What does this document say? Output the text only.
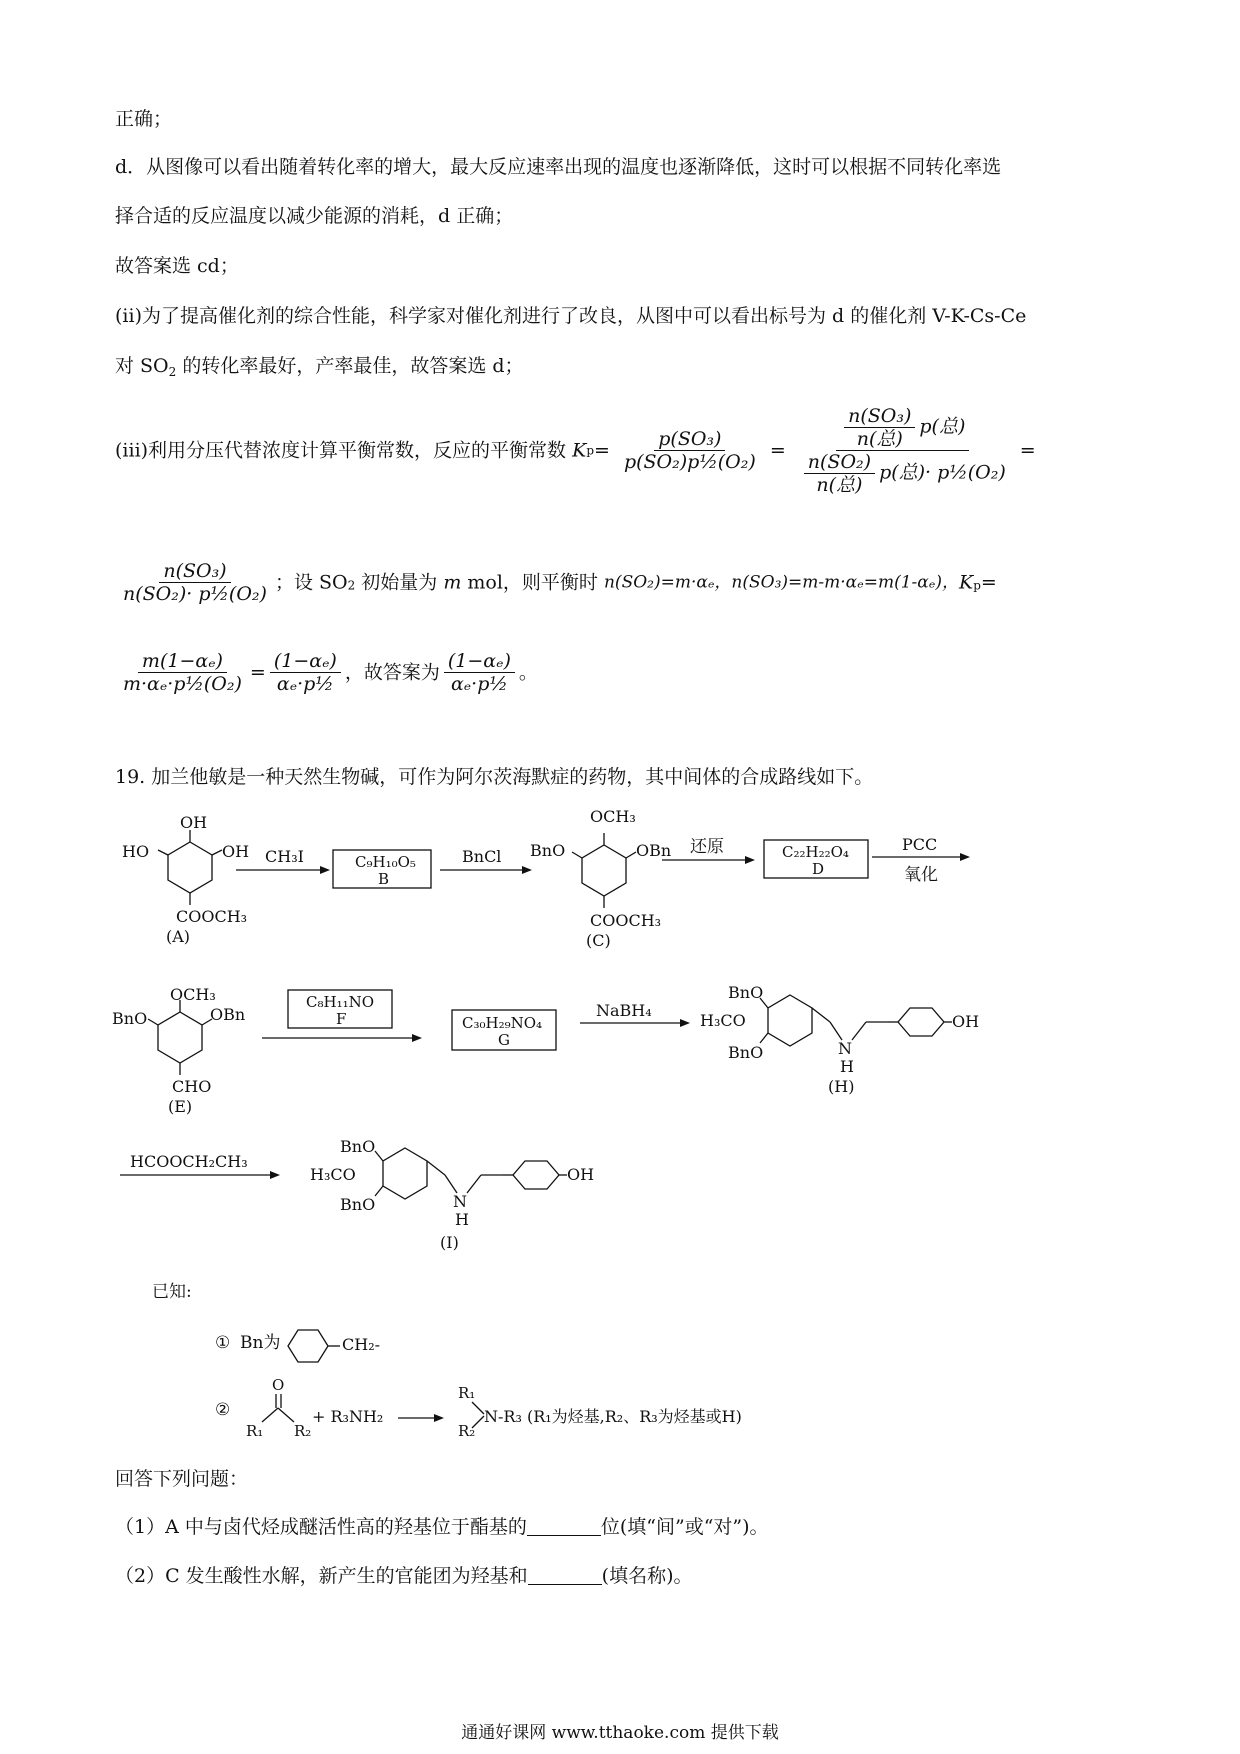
正确；
d．从图像可以看出随着转化率的增大，最大反应速率出现的温度也逐渐降低，这时可以根据不同转化率选
择合适的反应温度以减少能源的消耗，d 正确；
故答案选 cd；
(ii)为了提高催化剂的综合性能，科学家对催化剂进行了改良，从图中可以看出标号为 d 的催化剂 V-K-Cs-Ce
对 $SO_2$ 的转化率最好，产率最佳，故答案选 d；
(iii)利用分压代替浓度计算平衡常数，反应的平衡常数 $Kp= \frac{\text{p(SO₃)}}{\text{p(SO₂)p½(O₂)}} = \frac{\frac{\text{n(SO₃)}}{\text{n(总)}} p(总)}{\frac{\text{n(SO₂)}}{\text{n(总)}} p(总)\cdot p\frac{1}{2}(O_2)}$ =
$\frac{\text{n(SO₃)}}{\text{n(SO₂)· p½(O₂)}}$ ；设 SO2 初始量为 m mol，则平衡时 n(SO₂)=m·αₑ，n(SO₃)=m-m·αₑ=m(1-αₑ)，Kp=
$\frac{\text{m(1−αₑ)}}{\text{m·αₑ·p½(O₂)}} = \frac{\text{(1−αₑ)}}{\text{αₑ·p½}}$ ，故答案为 $\frac{\text{(1−αₑ)}}{\text{αₑ·p½}}$ 。
19. 加兰他敏是一种天然生物碱，可作为阿尔茨海默症的药物，其中间体的合成路线如下。
OH
HO	OH
COOCH₃
(A)
CH₃I	C₉H₁₀O₅
B
BnCl
OCH₃
BnO	OBn
COOCH₃
(C)
还原	C₂₂H₂₂O₄
D
PCC
氧化
OCH₃
BnO	OBn
CHO
(E)
C₈H₁₁NO
F	C₃₀H₂₉NO₄
G
NaBH₄
BnO
H₃CO
BnO	N
H
OH
(H)
HCOOCH₂CH₃
BnO
H₃CO
BnO	N
H
OH
(I)
已知:
① Bn为	CH₂-
②
O
R₁ R₂
+ R₃NH₂
R₁
R₂
N-R₃ (R₁为烃基,R₂、R₃为烃基或H)
回答下列问题：
（1）A 中与卤代烃成醚活性高的羟基位于酯基的	位(填“间”或“对”)。
（2）C 发生酸性水解，新产生的官能团为羟基和	(填名称)。
通通好课网 www.tthaoke.com 提供下载
